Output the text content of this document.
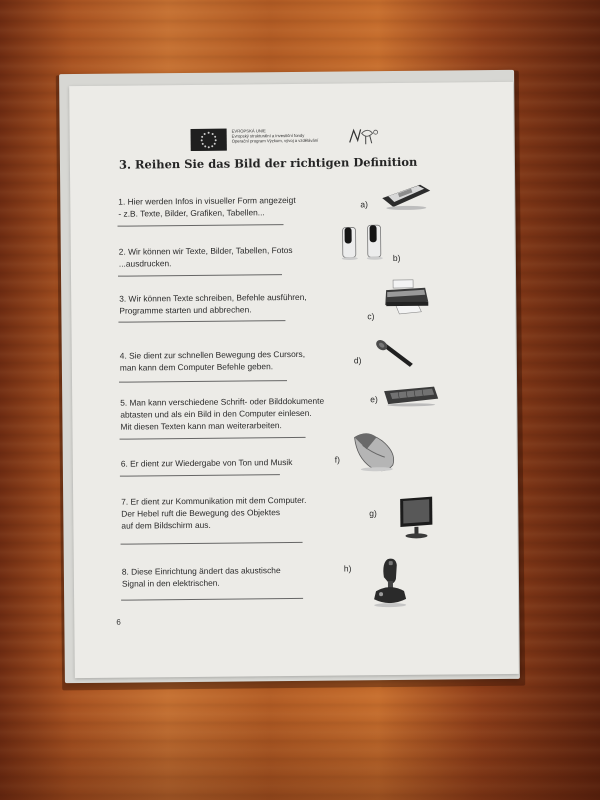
EVROPSKÁ UNIE
Evropský strukturální a investiční fondy
Operační program Výzkum, vývoj a vzdělávání
3. Reihen Sie das Bild der richtigen Definition
1. Hier werden Infos in visueller Form angezeigt
- z.B. Texte, Bilder, Grafiken, Tabellen...
2. Wir können wir Texte, Bilder, Tabellen, Fotos
...ausdrucken.
3. Wir können Texte schreiben, Befehle ausführen,
Programme starten und abbrechen.
4. Sie dient zur schnellen Bewegung des Cursors,
man kann dem Computer Befehle geben.
5. Man kann verschiedene Schrift- oder Bilddokumente
abtasten und als ein Bild in den Computer einlesen.
Mit diesen Texten kann man weiterarbeiten.
6. Er dient zur Wiedergabe von Ton und Musik
7. Er dient zur Kommunikation mit dem Computer.
Der Hebel ruft die Bewegung des Objektes
auf dem Bildschirm aus.
8. Diese Einrichtung ändert das akustische
Signal in den elektrischen.
a)
b)
c)
d)
e)
f)
g)
h)
6
